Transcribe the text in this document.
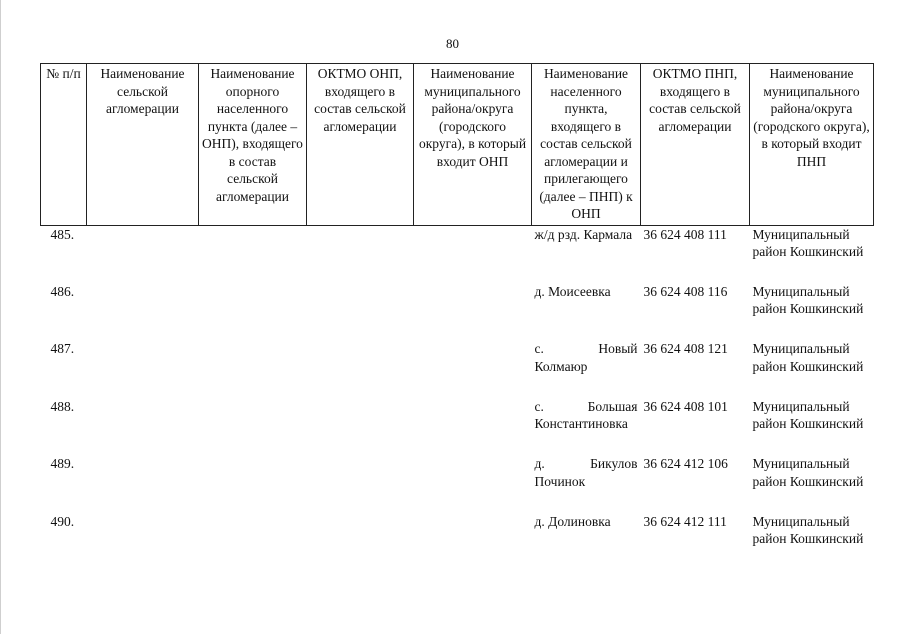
80
№ п/п	Наименование сельской агломерации	Наименование опорного населенного пункта (далее – ОНП), входящего в состав сельской агломерации	ОКТМО ОНП, входящего в состав сельской агломерации	Наименование муниципального района/округа (городского округа), в который входит ОНП	Наименование населенного пункта, входящего в состав сельской агломерации и прилегающего (далее – ПНП) к ОНП	ОКТМО ПНП, входящего в состав сельской агломерации	Наименование муниципального района/округа (городского округа), в который входит ПНП
485.					ж/д рзд. Кармала	36 624 408 111	Муниципальный район Кошкинский
486.					д. Моисеевка	36 624 408 116	Муниципальный район Кошкинский
487.					с. Новый Колмаюр	36 624 408 121	Муниципальный район Кошкинский
488.					с. Большая Константиновка	36 624 408 101	Муниципальный район Кошкинский
489.					д. Бикулов Починок	36 624 412 106	Муниципальный район Кошкинский
490.					д. Долиновка	36 624 412 111	Муниципальный район Кошкинский
